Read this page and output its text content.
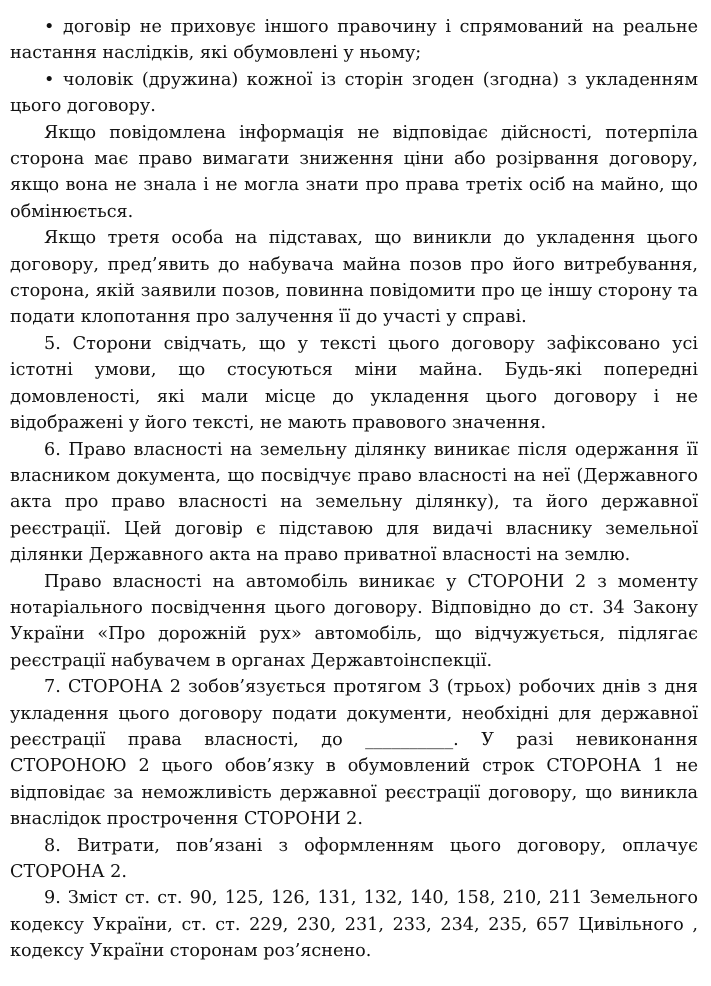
• договір не приховує іншого правочину і спрямований на реальне настання наслідків, які обумовлені у ньому;

• чоловік (дружина) кожної із сторін згоден (згодна) з укладенням цього договору.

Якщо повідомлена інформація не відповідає дійсності, потерпіла сторона має право вимагати зниження ціни або розірвання договору, якщо вона не знала і не могла знати про права третіх осіб на майно, що обмінюється.

Якщо третя особа на підставах, що виникли до укладення цього договору, пред’явить до набувача майна позов про його витребування, сторона, якій заявили позов, повинна повідомити про це іншу сторону та подати клопотання про залучення її до участі у справі.

5. Сторони свідчать, що у тексті цього договору зафіксовано усі істотні умови, що стосуються міни майна. Будь-які попередні домовленості, які мали місце до укладення цього договору і не відображені у його тексті, не мають правового значення.

6. Право власності на земельну ділянку виникає після одержання її власником документа, що посвідчує право власності на неї (Державного акта про право власності на земельну ділянку), та його державної реєстрації. Цей договір є підставою для видачі власнику земельної ділянки Державного акта на право приватної власності на землю.

Право власності на автомобіль виникає у СТОРОНИ 2 з моменту нотаріального посвідчення цього договору. Відповідно до ст. 34 Закону України «Про дорожній рух» автомобіль, що відчужується, підлягає реєстрації набувачем в органах Державтоінспекції.

7. СТОРОНА 2 зобов’язується протягом 3 (трьох) робочих днів з дня укладення цього договору подати документи, необхідні для державної реєстрації права власності, до __________. У разі невиконання СТОРОНОЮ 2 цього обов’язку в обумовлений строк СТОРОНА 1 не відповідає за неможливість державної реєстрації договору, що виникла внаслідок прострочення СТОРОНИ 2.

8. Витрати, пов’язані з оформленням цього договору, оплачує СТОРОНА 2.

9. Зміст ст. ст. 90, 125, 126, 131, 132, 140, 158, 210, 211 Земельного кодексу України, ст. ст. 229, 230, 231, 233, 234, 235, 657 Цивільного , кодексу України сторонам роз’яснено.
